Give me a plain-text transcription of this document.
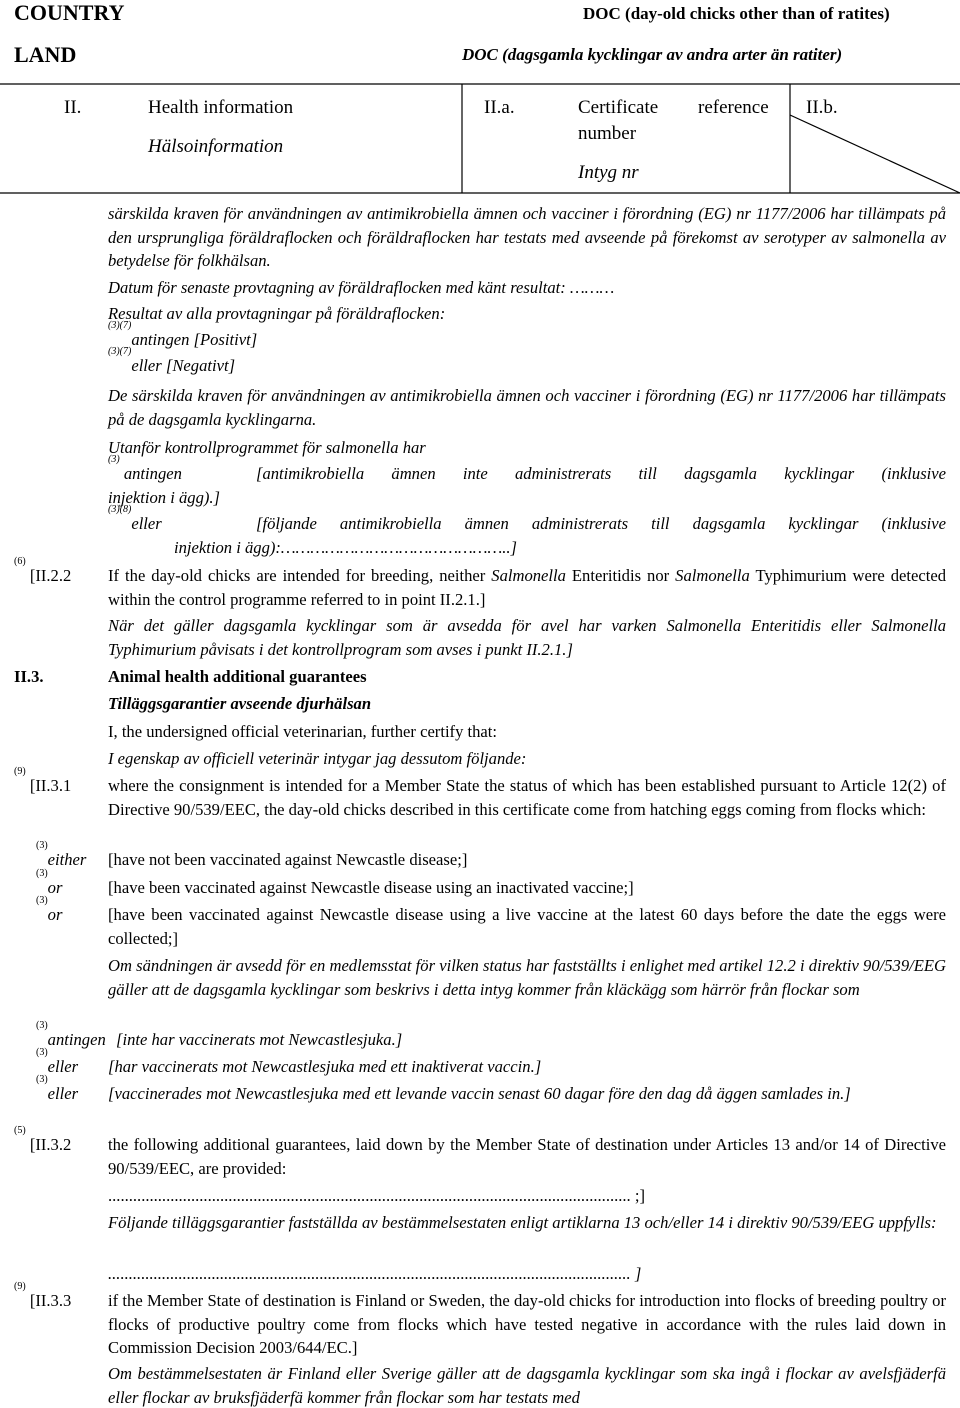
COUNTRY
LAND
DOC (day-old chicks other than of ratites)
DOC (dagsgamla kycklingar av andra arter än ratiter)
II.	Health information
Hälsoinformation
II.a.	Certificate reference
number
Intyg nr
II.b.
särskilda kraven för användningen av antimikrobiella ämnen och vacciner i förordning (EG) nr 1177/2006 har tillämpats på den ursprungliga föräldraflocken och föräldraflocken har testats med avseende på förekomst av serotyper av salmonella av betydelse för folkhälsan.
Datum för senaste provtagning av föräldraflocken med känt resultat: ………
Resultat av alla provtagningar på föräldraflocken:
$^{(3)(7)}$antingen [Positivt]
$^{(3)(7)}$eller [Negativt]
De särskilda kraven för användningen av antimikrobiella ämnen och vacciner i förordning (EG) nr 1177/2006 har tillämpats på de dagsgamla kycklingarna.
Utanför kontrollprogrammet för salmonella har
$^{(3)}$ antingen	[antimikrobiella ämnen inte administrerats till dagsgamla kycklingar (inklusive
injektion i ägg).]
$^{(3)(8)}$eller	[följande antimikrobiella ämnen administrerats till dagsgamla kycklingar (inklusive
injektion i ägg):………………………………………..]
$^{(6)}$ [II.2.2 If the day-old chicks are intended for breeding, neither Salmonella Enteritidis nor Salmonella Typhimurium were detected within the control programme referred to in point II.2.1.]
När det gäller dagsgamla kycklingar som är avsedda för avel har varken Salmonella Enteritidis eller Salmonella Typhimurium påvisats i det kontrollprogram som avses i punkt II.2.1.]
II.3.	Animal health additional guarantees
Tilläggsgarantier avseende djurhälsan
I, the undersigned official veterinarian, further certify that:
I egenskap av officiell veterinär intygar jag dessutom följande:
$^{(9)}$ [II.3.1 where the consignment is intended for a Member State the status of which has been established pursuant to Article 12(2) of Directive 90/539/EEC, the day-old chicks described in this certificate come from hatching eggs coming from flocks which:
$^{(3)}$either [have not been vaccinated against Newcastle disease;]
$^{(3)}$or	[have been vaccinated against Newcastle disease using an inactivated vaccine;]
$^{(3)}$or	[have been vaccinated against Newcastle disease using a live vaccine at the latest 60 days before the date the eggs were collected;]
Om sändningen är avsedd för en medlemsstat för vilken status har fastställts i enlighet med artikel 12.2 i direktiv 90/539/EEG gäller att de dagsgamla kycklingar som beskrivs i detta intyg kommer från kläckägg som härrör från flockar som
$^{(3)}$antingen [inte har vaccinerats mot Newcastlesjuka.]
$^{(3)}$eller [har vaccinerats mot Newcastlesjuka med ett inaktiverat vaccin.]
$^{(3)}$eller [vaccinerades mot Newcastlesjuka med ett levande vaccin senast 60 dagar före den dag då äggen samlades in.]
$^{(5)}$ [II.3.2 the following additional guarantees, laid down by the Member State of destination under Articles 13 and/or 14 of Directive 90/539/EEC, are provided:
.............................................................................................................................. ;]
Följande tilläggsgarantier fastställda av bestämmelsestaten enligt artiklarna 13 och/eller 14 i direktiv 90/539/EEG uppfylls:
.............................................................................................................................. ]
$^{(9)}$ [II.3.3 if the Member State of destination is Finland or Sweden, the day-old chicks for introduction into flocks of breeding poultry or flocks of productive poultry come from flocks which have tested negative in accordance with the rules laid down in Commission Decision 2003/644/EC.]
Om bestämmelsestaten är Finland eller Sverige gäller att de dagsgamla kycklingar som ska ingå i flockar av avelsfjäderfä eller flockar av bruksfjäderfä kommer från flockar som har testats med
